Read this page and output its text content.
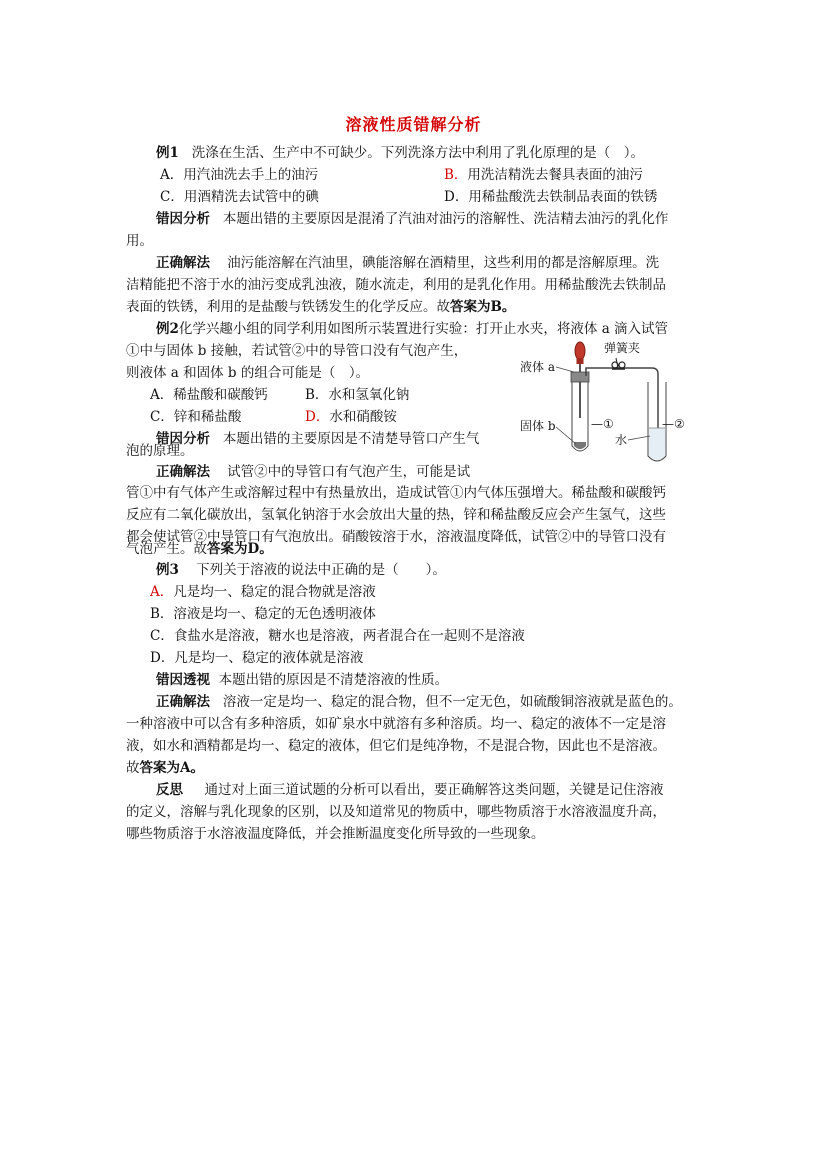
溶液性质错解分析
例1 洗涤在生活、生产中不可缺少。下列洗涤方法中利用了乳化原理的是（　）。
A．用汽油洗去手上的油污	B．用洗洁精洗去餐具表面的油污
C．用酒精洗去试管中的碘	D．用稀盐酸洗去铁制品表面的铁锈
错因分析 本题出错的主要原因是混淆了汽油对油污的溶解性、洗洁精去油污的乳化作
用。
正确解法 油污能溶解在汽油里，碘能溶解在酒精里，这些利用的都是溶解原理。洗
洁精能把不溶于水的油污变成乳浊液，随水流走，利用的是乳化作用。用稀盐酸洗去铁制品
表面的铁锈，利用的是盐酸与铁锈发生的化学反应。故答案为B。
例2化学兴趣小组的同学利用如图所示装置进行实验：打开止水夹，将液体 a 滴入试管
①中与固体 b 接触，若试管②中的导管口没有气泡产生，
则液体 a 和固体 b 的组合可能是（　）。
A．稀盐酸和碳酸钙	B．水和氢氧化钠
C．锌和稀盐酸	D．水和硝酸铵
错因分析 本题出错的主要原因是不清楚导管口产生气
泡的原理。
正确解法 试管②中的导管口有气泡产生，可能是试
管①中有气体产生或溶解过程中有热量放出，造成试管①内气体压强增大。稀盐酸和碳酸钙
反应有二氧化碳放出，氢氧化钠溶于水会放出大量的热，锌和稀盐酸反应会产生氢气，这些
都会使试管②中导管口有气泡放出。硝酸铵溶于水，溶液温度降低，试管②中的导管口没有
气泡产生。故答案为D。
液体 a
弹簧夹
固体 b	—①
水
—②
例3 下列关于溶液的说法中正确的是（　　）。
A．凡是均一、稳定的混合物就是溶液
B．溶液是均一、稳定的无色透明液体
C．食盐水是溶液，糖水也是溶液，两者混合在一起则不是溶液
D．凡是均一、稳定的液体就是溶液
错因透视 本题出错的原因是不清楚溶液的性质。
正确解法 溶液一定是均一、稳定的混合物，但不一定无色，如硫酸铜溶液就是蓝色的。
一种溶液中可以含有多种溶质，如矿泉水中就溶有多种溶质。均一、稳定的液体不一定是溶
液，如水和酒精都是均一、稳定的液体，但它们是纯净物，不是混合物，因此也不是溶液。
故答案为A。
反思 通过对上面三道试题的分析可以看出，要正确解答这类问题，关键是记住溶液
的定义，溶解与乳化现象的区别，以及知道常见的物质中，哪些物质溶于水溶液温度升高，
哪些物质溶于水溶液温度降低，并会推断温度变化所导致的一些现象。
